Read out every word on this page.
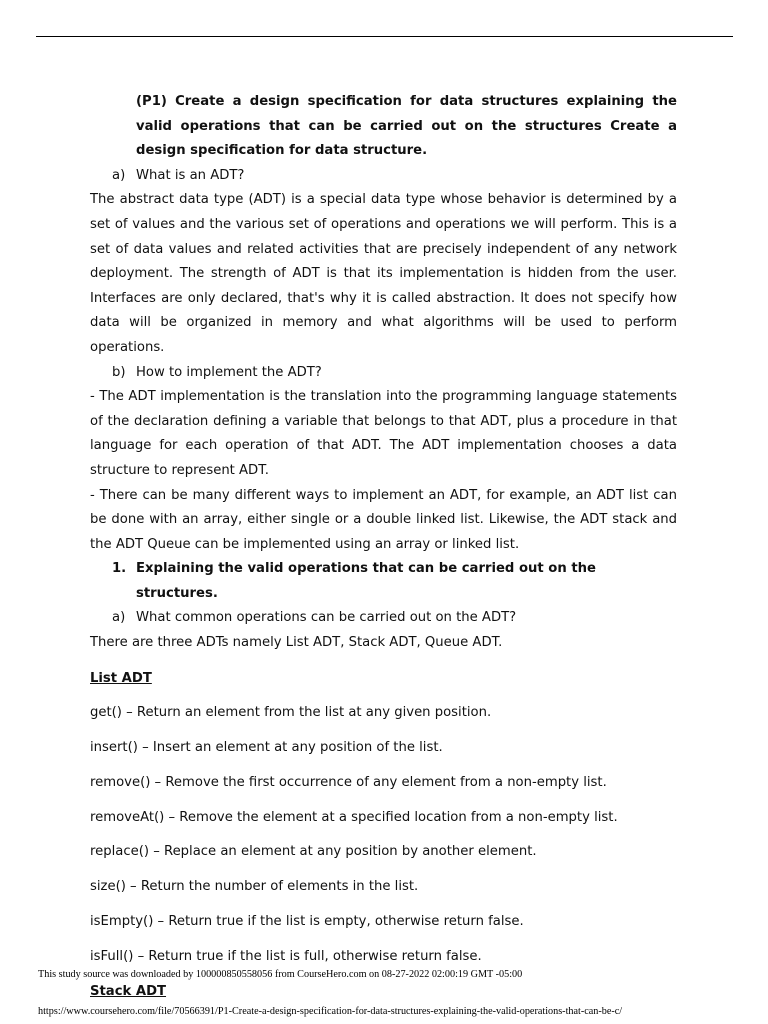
(P1) Create a design specification for data structures explaining the valid operations that can be carried out on the structures Create a design specification for data structure.
a) What is an ADT?

The abstract data type (ADT) is a special data type whose behavior is determined by a set of values and the various set of operations and operations we will perform. This is a set of data values and related activities that are precisely independent of any network deployment. The strength of ADT is that its implementation is hidden from the user. Interfaces are only declared, that's why it is called abstraction. It does not specify how data will be organized in memory and what algorithms will be used to perform operations.

b) How to implement the ADT?

- The ADT implementation is the translation into the programming language statements of the declaration defining a variable that belongs to that ADT, plus a procedure in that language for each operation of that ADT. The ADT implementation chooses a data structure to represent ADT.

- There can be many different ways to implement an ADT, for example, an ADT list can be done with an array, either single or a double linked list. Likewise, the ADT stack and the ADT Queue can be implemented using an array or linked list.

1. Explaining the valid operations that can be carried out on the structures.
a) What common operations can be carried out on the ADT?

There are three ADTs namely List ADT, Stack ADT, Queue ADT.

List ADT

get() – Return an element from the list at any given position.

insert() – Insert an element at any position of the list.

remove() – Remove the first occurrence of any element from a non-empty list.

removeAt() – Remove the element at a specified location from a non-empty list.

replace() – Replace an element at any position by another element.

size() – Return the number of elements in the list.

isEmpty() – Return true if the list is empty, otherwise return false.

isFull() – Return true if the list is full, otherwise return false.

Stack ADT
This study source was downloaded by 100000850558056 from CourseHero.com on 08-27-2022 02:00:19 GMT -05:00
https://www.coursehero.com/file/70566391/P1-Create-a-design-specification-for-data-structures-explaining-the-valid-operations-that-can-be-c/
